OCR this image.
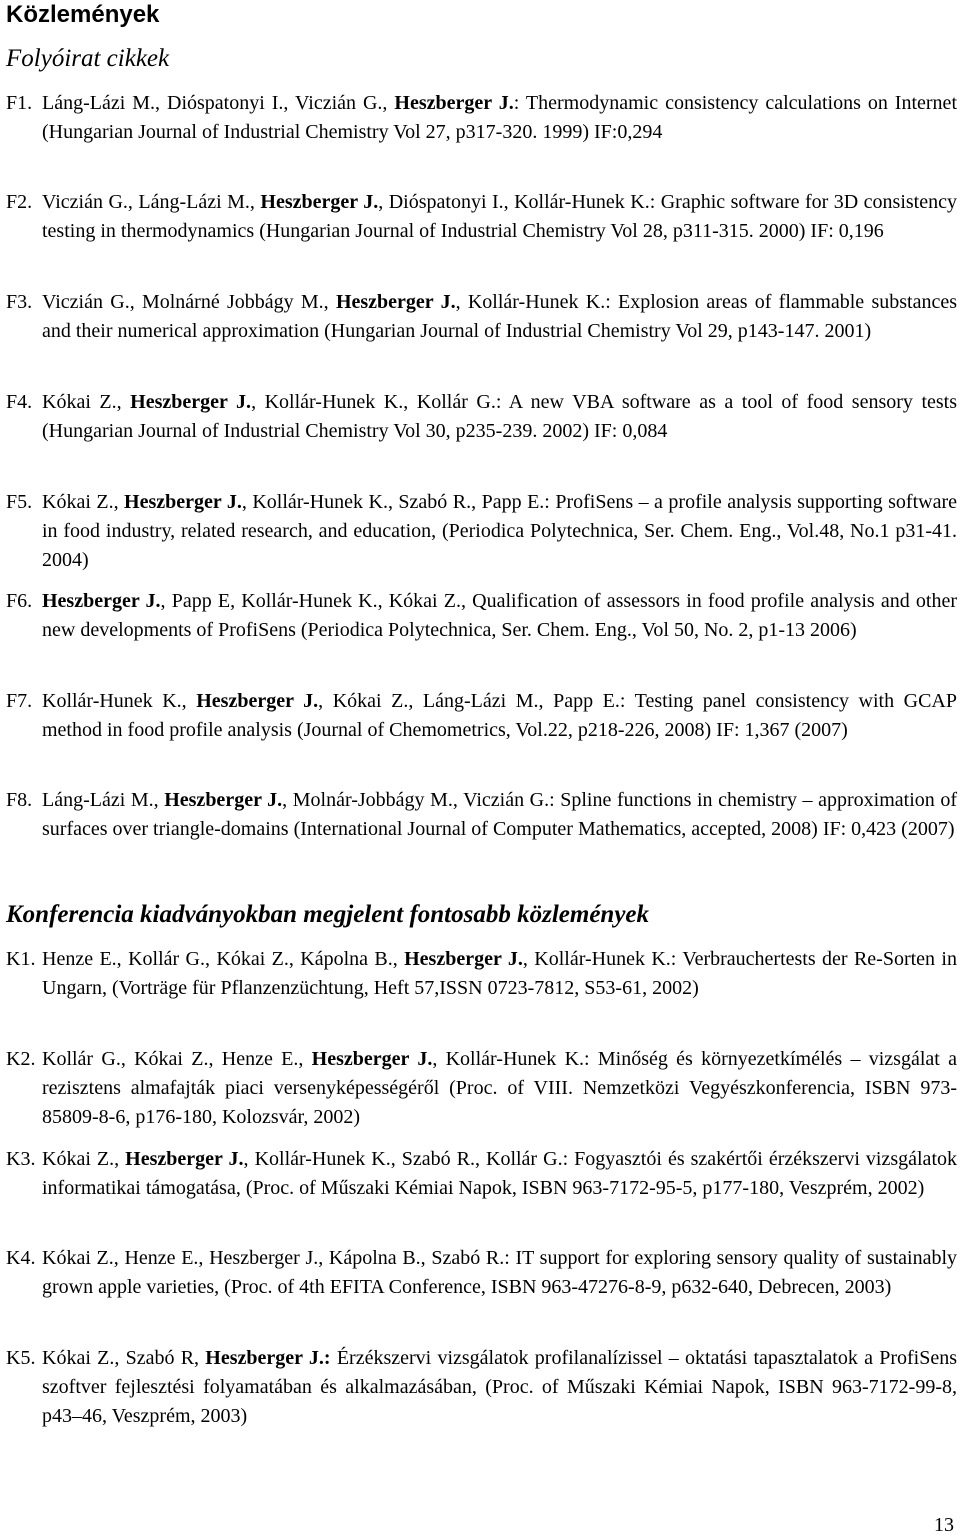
Közlemények
Folyóirat cikkek
F1. Láng-Lázi M., Dióspatonyi I., Viczián G., Heszberger J.: Thermodynamic consistency calculations on Internet (Hungarian Journal of Industrial Chemistry Vol 27, p317-320. 1999) IF:0,294
F2. Viczián G., Láng-Lázi M., Heszberger J., Dióspatonyi I., Kollár-Hunek K.: Graphic software for 3D consistency testing in thermodynamics (Hungarian Journal of Industrial Chemistry Vol 28, p311-315. 2000) IF: 0,196
F3. Viczián G., Molnárné Jobbágy M., Heszberger J., Kollár-Hunek K.: Explosion areas of flammable substances and their numerical approximation (Hungarian Journal of Industrial Chemistry Vol 29, p143-147. 2001)
F4. Kókai Z., Heszberger J., Kollár-Hunek K., Kollár G.: A new VBA software as a tool of food sensory tests (Hungarian Journal of Industrial Chemistry Vol 30, p235-239. 2002) IF: 0,084
F5. Kókai Z., Heszberger J., Kollár-Hunek K., Szabó R., Papp E.: ProfiSens – a profile analysis supporting software in food industry, related research, and education, (Periodica Polytechnica, Ser. Chem. Eng., Vol.48, No.1 p31-41. 2004)
F6. Heszberger J., Papp E, Kollár-Hunek K., Kókai Z., Qualification of assessors in food profile analysis and other new developments of ProfiSens (Periodica Polytechnica, Ser. Chem. Eng., Vol 50, No. 2, p1-13 2006)
F7. Kollár-Hunek K., Heszberger J., Kókai Z., Láng-Lázi M., Papp E.: Testing panel consistency with GCAP method in food profile analysis (Journal of Chemometrics, Vol.22, p218-226, 2008) IF: 1,367 (2007)
F8. Láng-Lázi M., Heszberger J., Molnár-Jobbágy M., Viczián G.: Spline functions in chemistry – approximation of surfaces over triangle-domains (International Journal of Computer Mathematics, accepted, 2008) IF: 0,423 (2007)
Konferencia kiadványokban megjelent fontosabb közlemények
K1. Henze E., Kollár G., Kókai Z., Kápolna B., Heszberger J., Kollár-Hunek K.: Verbrauchertests der Re-Sorten in Ungarn, (Vorträge für Pflanzenzüchtung, Heft 57,ISSN 0723-7812, S53-61, 2002)
K2. Kollár G., Kókai Z., Henze E., Heszberger J., Kollár-Hunek K.: Minőség és környezetkímélés – vizsgálat a rezisztens almafajták piaci versenyképességéről (Proc. of VIII. Nemzetközi Vegyészkonferencia, ISBN 973-85809-8-6, p176-180, Kolozsvár, 2002)
K3. Kókai Z., Heszberger J., Kollár-Hunek K., Szabó R., Kollár G.: Fogyasztói és szakértői érzékszervi vizsgálatok informatikai támogatása, (Proc. of Műszaki Kémiai Napok, ISBN 963-7172-95-5, p177-180, Veszprém, 2002)
K4. Kókai Z., Henze E., Heszberger J., Kápolna B., Szabó R.: IT support for exploring sensory quality of sustainably grown apple varieties, (Proc. of 4th EFITA Conference, ISBN 963-47276-8-9, p632-640, Debrecen, 2003)
K5. Kókai Z., Szabó R, Heszberger J.: Érzékszervi vizsgálatok profilanalízissel – oktatási tapasztalatok a ProfiSens szoftver fejlesztési folyamatában és alkalmazásában, (Proc. of Műszaki Kémiai Napok, ISBN 963-7172-99-8, p43–46, Veszprém, 2003)
13
